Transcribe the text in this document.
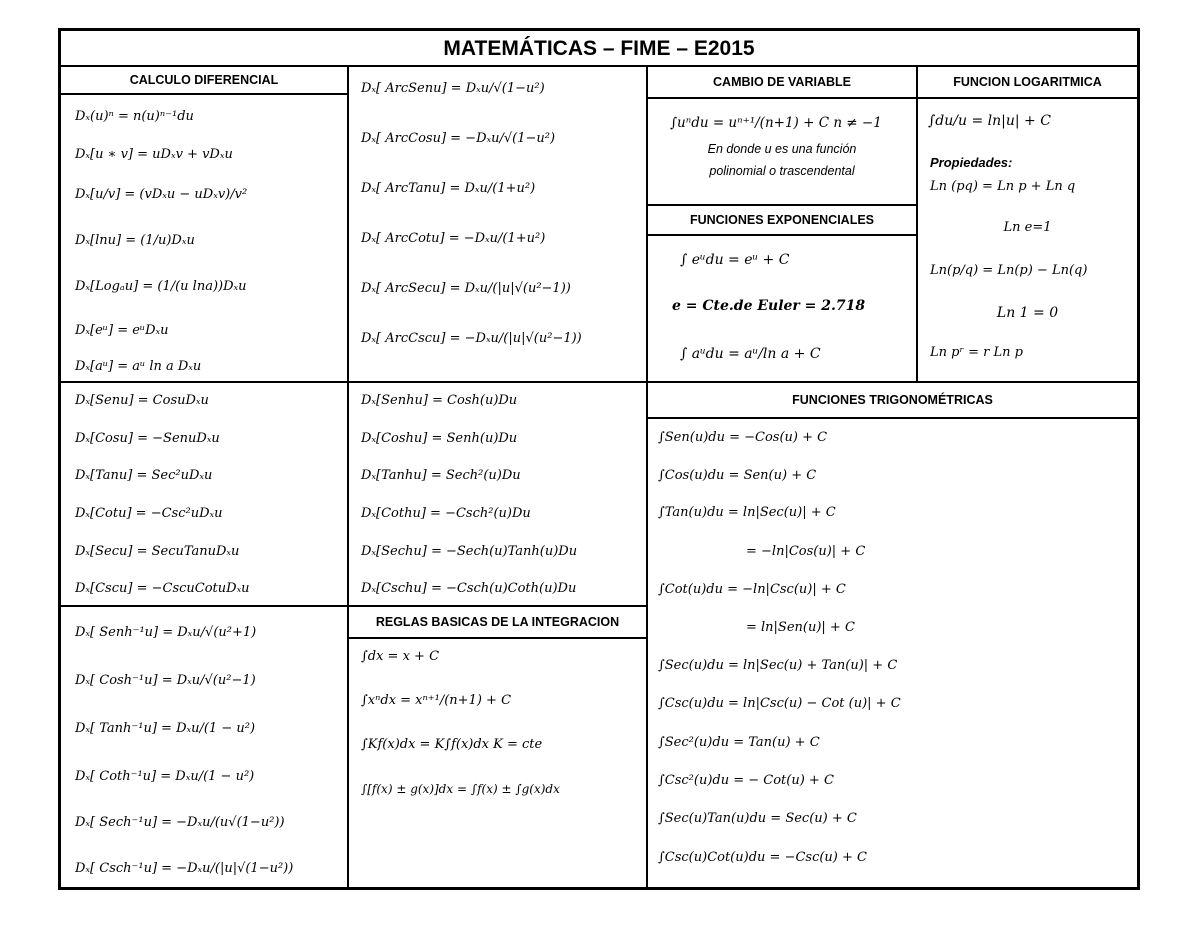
MATEMÁTICAS – FIME – E2015
CALCULO DIFERENCIAL
Dₓ(u)ⁿ = n(u)ⁿ⁻¹du
Dₓ[u ∗ v] = uDₓv + vDₓu
Dₓ[u/v] = (vDₓu − uDₓv)/v²
Dₓ[lnu] = (1/u)Dₓu
Dₓ[Logₐu] = (1/(u lna))Dₓu
Dₓ[eᵘ] = eᵘDₓu
Dₓ[aᵘ] = aᵘ ln a Dₓu
Dₓ[ ArcSenu] = Dₓu/√(1−u²)
Dₓ[ ArcCosu] = −Dₓu/√(1−u²)
Dₓ[ ArcTanu] = Dₓu/(1+u²)
Dₓ[ ArcCotu] = −Dₓu/(1+u²)
Dₓ[ ArcSecu] = Dₓu/(|u|√(u²−1))
Dₓ[ ArcCscu] = −Dₓu/(|u|√(u²−1))
CAMBIO DE VARIABLE
∫uⁿdu = uⁿ⁺¹/(n+1) + C n ≠ −1
En donde u es una función
polinomial o trascendental
FUNCIONES EXPONENCIALES
∫ eᵘdu = eᵘ + C
e = Cte.de Euler = 2.718
∫ aᵘdu = aᵘ/ln a + C
FUNCION LOGARITMICA
∫du/u = ln|u| + C
Propiedades:
Ln (pq) = Ln p + Ln q
Ln e=1
Ln(p/q) = Ln(p) − Ln(q)
Ln 1 = 0
Ln pʳ = r Ln p
Dₓ[Senu] = CosuDₓu
Dₓ[Cosu] = −SenuDₓu
Dₓ[Tanu] = Sec²uDₓu
Dₓ[Cotu] = −Csc²uDₓu
Dₓ[Secu] = SecuTanuDₓu
Dₓ[Cscu] = −CscuCotuDₓu
Dₓ[Senhu] = Cosh(u)Du
Dₓ[Coshu] = Senh(u)Du
Dₓ[Tanhu] = Sech²(u)Du
Dₓ[Cothu] = −Csch²(u)Du
Dₓ[Sechu] = −Sech(u)Tanh(u)Du
Dₓ[Cschu] = −Csch(u)Coth(u)Du
FUNCIONES TRIGONOMÉTRICAS
∫Sen(u)du = −Cos(u) + C
∫Cos(u)du = Sen(u) + C
∫Tan(u)du = ln|Sec(u)| + C
= −ln|Cos(u)| + C
∫Cot(u)du = −ln|Csc(u)| + C
= ln|Sen(u)| + C
∫Sec(u)du = ln|Sec(u) + Tan(u)| + C
∫Csc(u)du = ln|Csc(u) − Cot (u)| + C
∫Sec²(u)du = Tan(u) + C
∫Csc²(u)du = − Cot(u) + C
∫Sec(u)Tan(u)du = Sec(u) + C
∫Csc(u)Cot(u)du = −Csc(u) + C
Dₓ[ Senh⁻¹u] = Dₓu/√(u²+1)
Dₓ[ Cosh⁻¹u] = Dₓu/√(u²−1)
Dₓ[ Tanh⁻¹u] = Dₓu/(1 − u²)
Dₓ[ Coth⁻¹u] = Dₓu/(1 − u²)
Dₓ[ Sech⁻¹u] = −Dₓu/(u√(1−u²))
Dₓ[ Csch⁻¹u] = −Dₓu/(|u|√(1−u²))
REGLAS BASICAS DE LA INTEGRACION
∫dx = x + C
∫xⁿdx = xⁿ⁺¹/(n+1) + C
∫Kf(x)dx = K∫f(x)dx K = cte
∫[f(x) ± g(x)]dx = ∫f(x) ± ∫g(x)dx
